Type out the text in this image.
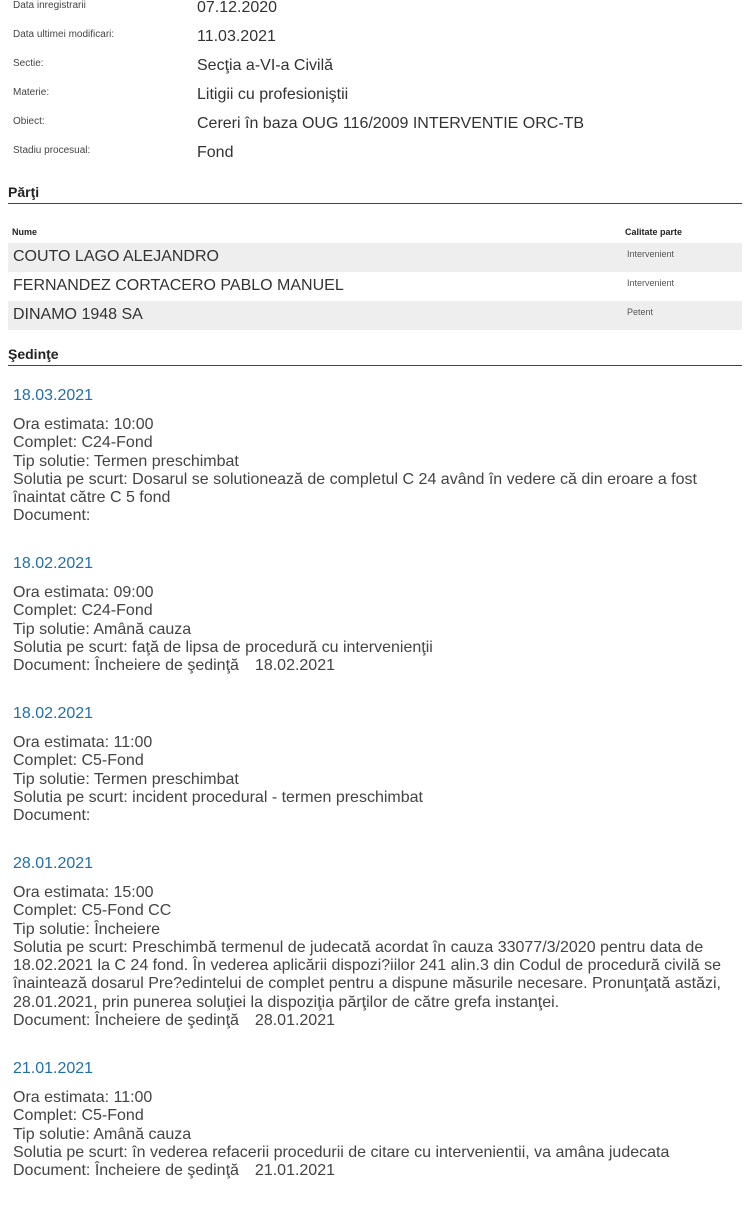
Data inregistrarii	07.12.2020
Data ultimei modificari:	11.03.2021
Sectie:	Secţia a-VI-a Civilă
Materie:	Litigii cu profesioniştii
Obiect:	Cereri în baza OUG 116/2009 INTERVENTIE ORC-TB
Stadiu procesual:	Fond
Părţi
Nume	Calitate parte
COUTO LAGO ALEJANDRO	Intervenient
FERNANDEZ CORTACERO PABLO MANUEL	Intervenient
DINAMO 1948 SA	Petent
Şedinţe
18.03.2021
Ora estimata: 10:00
Complet: C24-Fond
Tip solutie: Termen preschimbat
Solutia pe scurt: Dosarul se solutionează de completul C 24 având în vedere că din eroare a fost înaintat către C 5 fond
Document:
18.02.2021
Ora estimata: 09:00
Complet: C24-Fond
Tip solutie: Amână cauza
Solutia pe scurt: faţă de lipsa de procedură cu intervenienţii
Document: Încheiere de şedinţă 18.02.2021
18.02.2021
Ora estimata: 11:00
Complet: C5-Fond
Tip solutie: Termen preschimbat
Solutia pe scurt: incident procedural - termen preschimbat
Document:
28.01.2021
Ora estimata: 15:00
Complet: C5-Fond CC
Tip solutie: Încheiere
Solutia pe scurt: Preschimbă termenul de judecată acordat în cauza 33077/3/2020 pentru data de 18.02.2021 la C 24 fond. În vederea aplicării dispozi?iilor 241 alin.3 din Codul de procedură civilă se înaintează dosarul Pre?edintelui de complet pentru a dispune măsurile necesare. Pronunţată astăzi, 28.01.2021, prin punerea soluţiei la dispoziţia părţilor de către grefa instanţei.
Document: Încheiere de şedinţă 28.01.2021
21.01.2021
Ora estimata: 11:00
Complet: C5-Fond
Tip solutie: Amână cauza
Solutia pe scurt: în vederea refacerii procedurii de citare cu intervenientii, va amâna judecata
Document: Încheiere de şedinţă 21.01.2021
